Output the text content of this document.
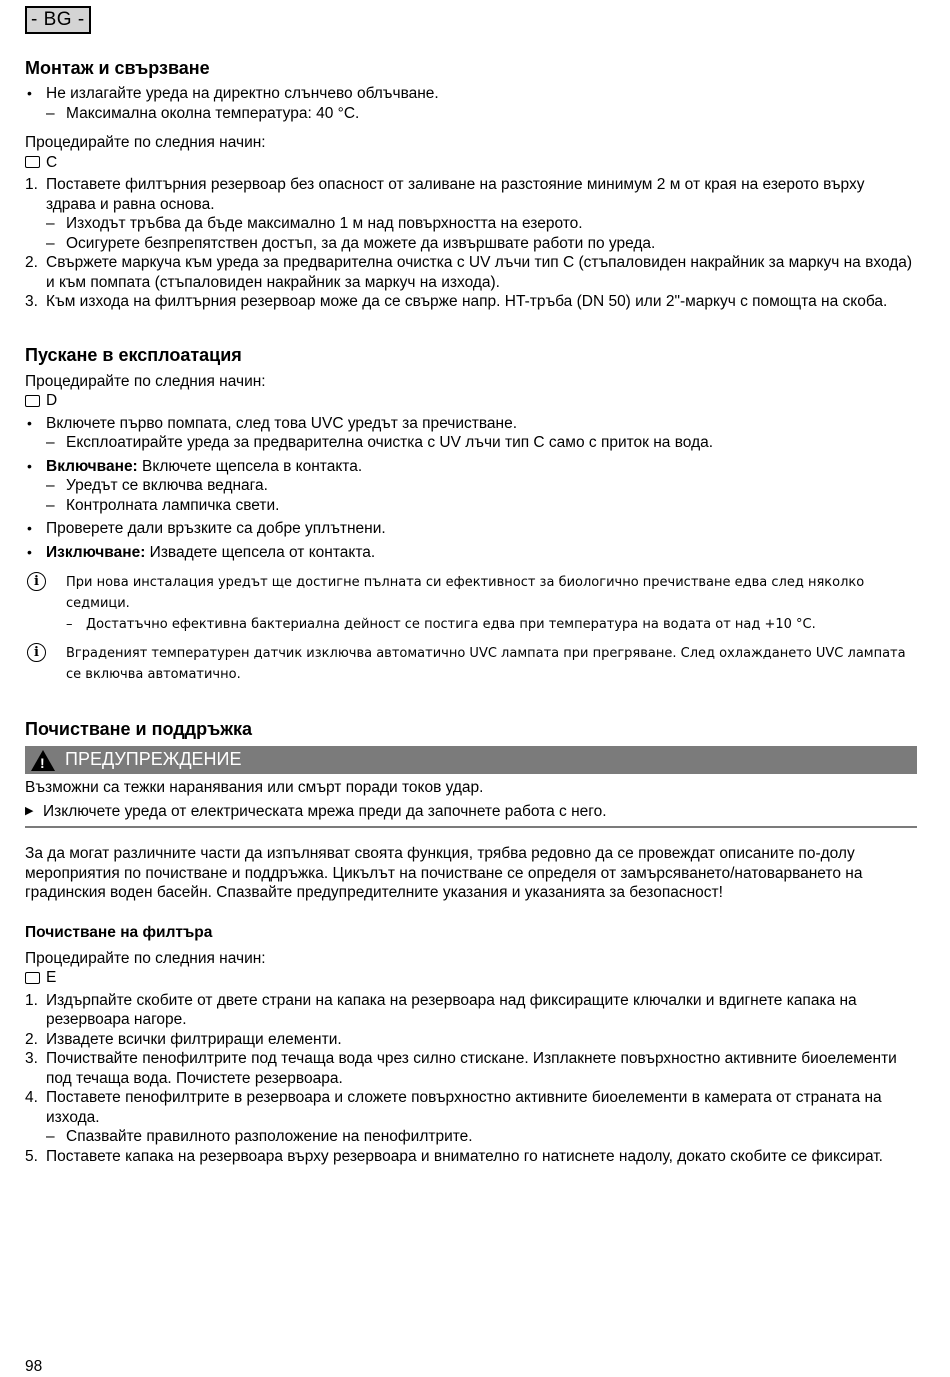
- BG -
Монтаж и свързване
• Не излагайте уреда на директно слънчево облъчване.
– Максимална околна температура: 40 °C.

Процедирайте по следния начин:

C
1. Поставете филтърния резервоар без опасност от заливане на разстояние минимум 2 м от края на езерото върху здрава и равна основа.
– Изходът тръбва да бъде максимално 1 м над повърхността на езерото.
– Осигурете безпрепятствен достъп, за да можете да извършвате работи по уреда.
2. Свържете маркуча към уреда за предварителна очистка с UV лъчи тип C (стъпаловиден накрайник за маркуч на входа) и към помпата (стъпаловиден накрайник за маркуч на изхода).
3. Към изхода на филтърния резервоар може да се свърже напр. HT-тръба (DN 50) или 2"-маркуч с помощта на скоба.
Пускане в експлоатация

Процедирайте по следния начин:

D
• Включете първо помпата, след това UVC уредът за пречистване.
– Експлоатирайте уреда за предварителна очистка с UV лъчи тип C само с приток на вода.
• Включване: Включете щепсела в контакта.
– Уредът се включва веднага.
– Контролната лампичка свети.
• Проверете дали връзките са добре уплътнени.
• Изключване: Извадете щепсела от контакта.
i	При нова инсталация уредът ще достигне пълната си ефективност за биологично пречистване едва след няколко седмици.

– Достатъчно ефективна бактериална дейност се постига едва при температура на водата от над +10 °C.
i	Вграденият температурен датчик изключва автоматично UVC лампата при прегряване. След охлаждането UVC лампата се включва автоматично.

Почистване и поддръжка
! ПРЕДУПРЕЖДЕНИЕ

Възможни са тежки наранявания или смърт поради токов удар.

▶ Изключете уреда от електрическата мрежа преди да започнете работа с него.

За да могат различните части да изпълняват своята функция, трябва редовно да се провеждат описаните по-долу мероприятия по почистване и поддръжка. Цикълът на почистване се определя от замърсяването/натоварването на градинския воден басейн. Спазвайте предупредителните указания и указанията за безопасност!

Почистване на филтъра

Процедирайте по следния начин:

E
1. Издърпайте скобите от двете страни на капака на резервоара над фиксиращите ключалки и вдигнете капака на резервоара нагоре.
2. Извадете всички филтриращи елементи.
3. Почиствайте пенофилтрите под течаща вода чрез силно стискане. Изплакнете повърхностно активните биоелементи под течаща вода. Почистете резервоара.
4. Поставете пенофилтрите в резервоара и сложете повърхностно активните биоелементи в камерата от страната на изхода.
– Спазвайте правилното разположение на пенофилтрите.
5. Поставете капака на резервоара върху резервоара и внимателно го натиснете надолу, докато скобите се фиксират.
98
